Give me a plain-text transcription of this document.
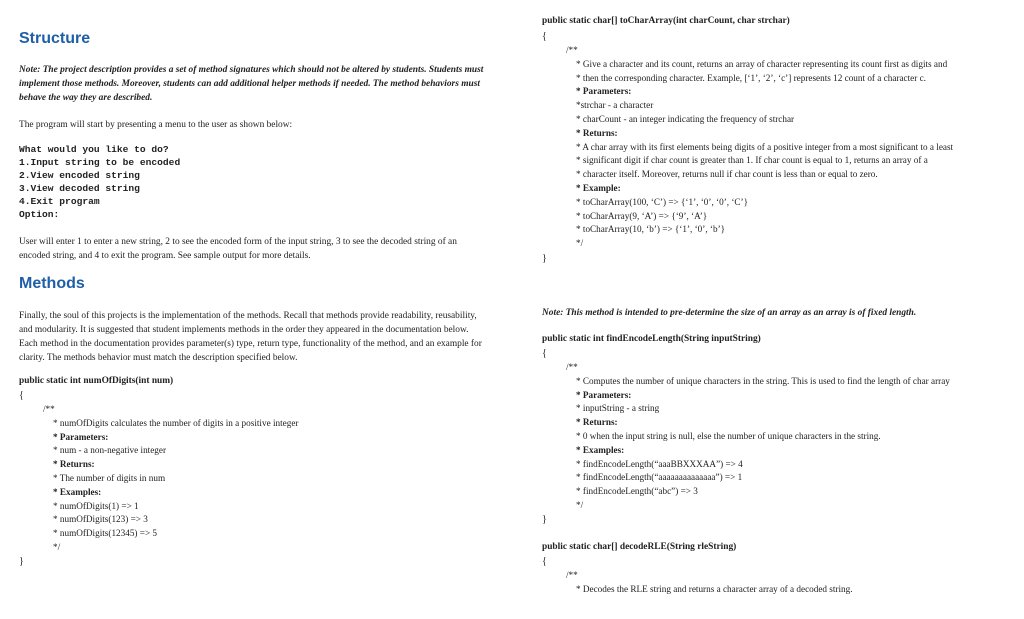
Structure
Note: The project description provides a set of method signatures which should not be altered by students. Students must implement those methods. Moreover, students can add additional helper methods if needed. The method behaviors must behave the way they are described.
The program will start by presenting a menu to the user as shown below:
What would you like to do?
1.Input string to be encoded
2.View encoded string
3.View decoded string
4.Exit program
Option:
User will enter 1 to enter a new string, 2 to see the encoded form of the input string, 3 to see the decoded string of an encoded string, and 4 to exit the program. See sample output for more details.
Methods
Finally, the soul of this projects is the implementation of the methods. Recall that methods provide readability, reusability, and modularity. It is suggested that student implements methods in the order they appeared in the documentation below. Each method in the documentation provides parameter(s) type, return type, functionality of the method, and an example for clarity. The methods behavior must match the description specified below.
public static int numOfDigits(int num)
{
/**
* numOfDigits calculates the number of digits in a positive integer
* Parameters:
* num - a non-negative integer
* Returns:
* The number of digits in num
* Examples:
* numOfDigits(1) => 1
* numOfDigits(123) => 3
* numOfDigits(12345) => 5
*/
}
public static char[] toCharArray(int charCount, char strchar)
{
/**
* Give a character and its count, returns an array of character representing its count first as digits and
* then the corresponding character. Example, [‘1’, ‘2’, ‘c’] represents 12 count of a character c.
* Parameters:
*strchar - a character
* charCount - an integer indicating the frequency of strchar
* Returns:
* A char array with its first elements being digits of a positive integer from a most significant to a least
* significant digit if char count is greater than 1. If char count is equal to 1, returns an array of a
* character itself. Moreover, returns null if char count is less than or equal to zero.
* Example:
* toCharArray(100, ‘C’) => {‘1’, ‘0’, ‘0’, ‘C’}
* toCharArray(9, ‘A’) => {‘9’, ‘A’}
* toCharArray(10, ‘b’) => {‘1’, ‘0’, ‘b’}
*/
}
Note: This method is intended to pre-determine the size of an array as an array is of fixed length.
public static int findEncodeLength(String inputString)
{
/**
* Computes the number of unique characters in the string. This is used to find the length of char array
* Parameters:
* inputString - a string
* Returns:
* 0 when the input string is null, else the number of unique characters in the string.
* Examples:
* findEncodeLength(“aaaBBXXXAA”) => 4
* findEncodeLength(“aaaaaaaaaaaaaa”) => 1
* findEncodeLength(“abc”) => 3
*/
}
public static char[] decodeRLE(String rleString)
{
/**
* Decodes the RLE string and returns a character array of a decoded string.
